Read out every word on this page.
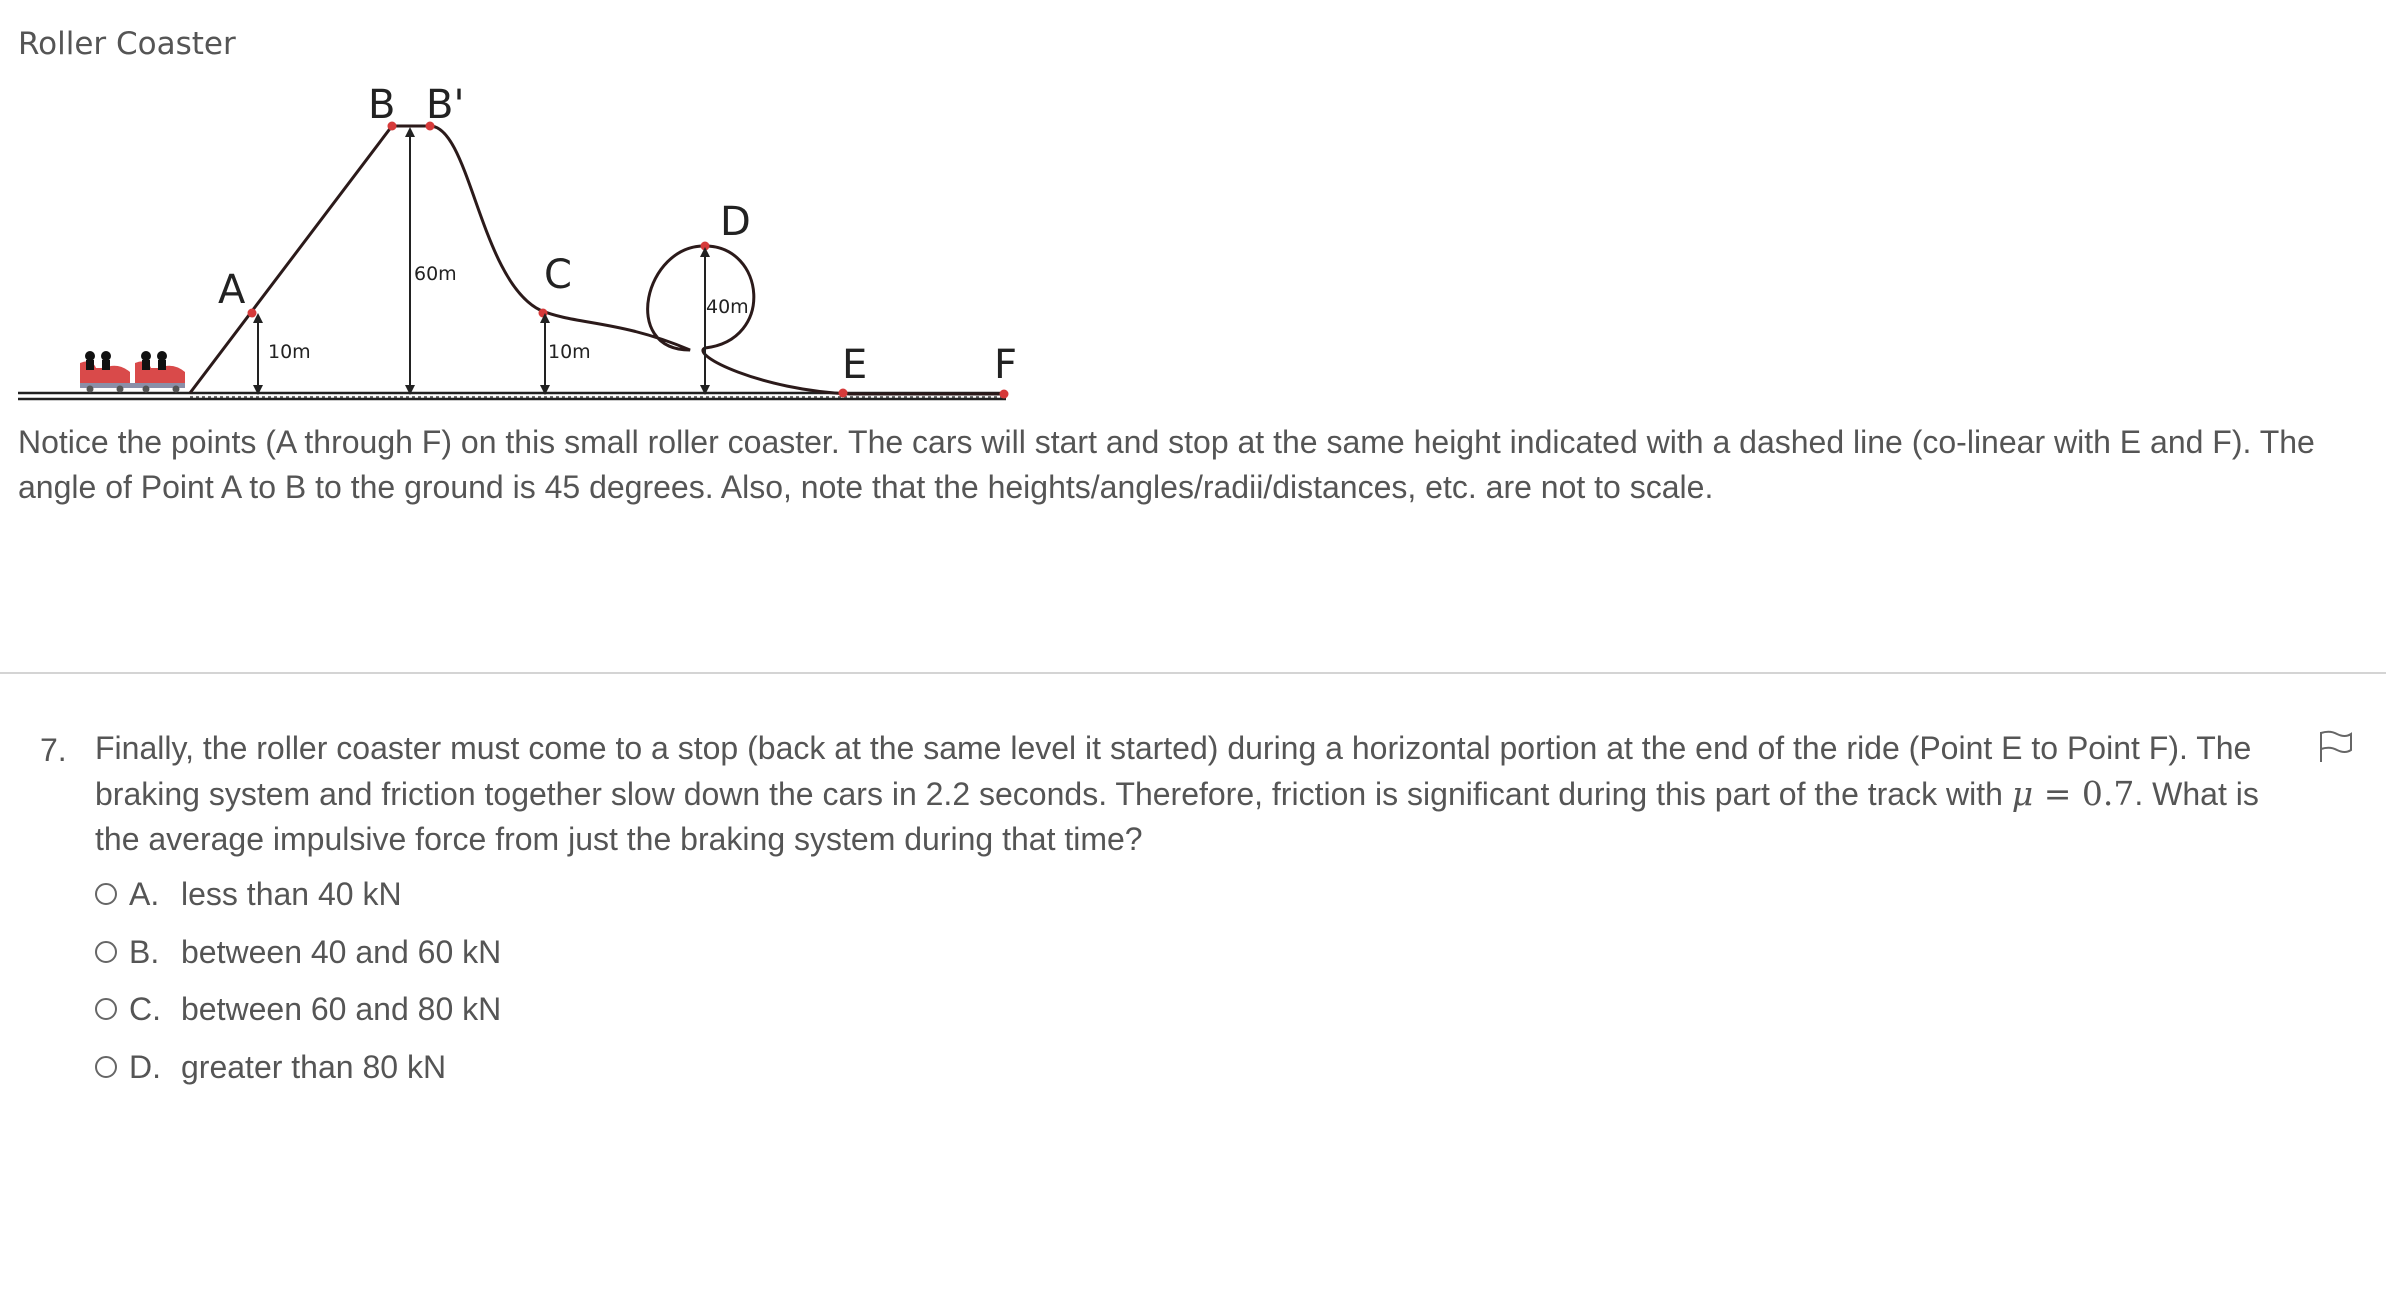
Roller Coaster
10m
60m
10m
40m
A
B B'
C
D
E	F
Notice the points (A through F) on this small roller coaster. The cars will start and stop at the same height indicated with a dashed line (co-linear with E and F). The angle of Point A to B to the ground is 45 degrees. Also, note that the heights/angles/radii/distances, etc. are not to scale.
7. Finally, the roller coaster must come to a stop (back at the same level it started) during a horizontal portion at the end of the ride (Point E to Point F). The braking system and friction together slow down the cars in 2.2 seconds. Therefore, friction is significant during this part of the track with μ = 0.7. What is the average impulsive force from just the braking system during that time?
A. less than 40 kN
B. between 40 and 60 kN
C. between 60 and 80 kN
D. greater than 80 kN
